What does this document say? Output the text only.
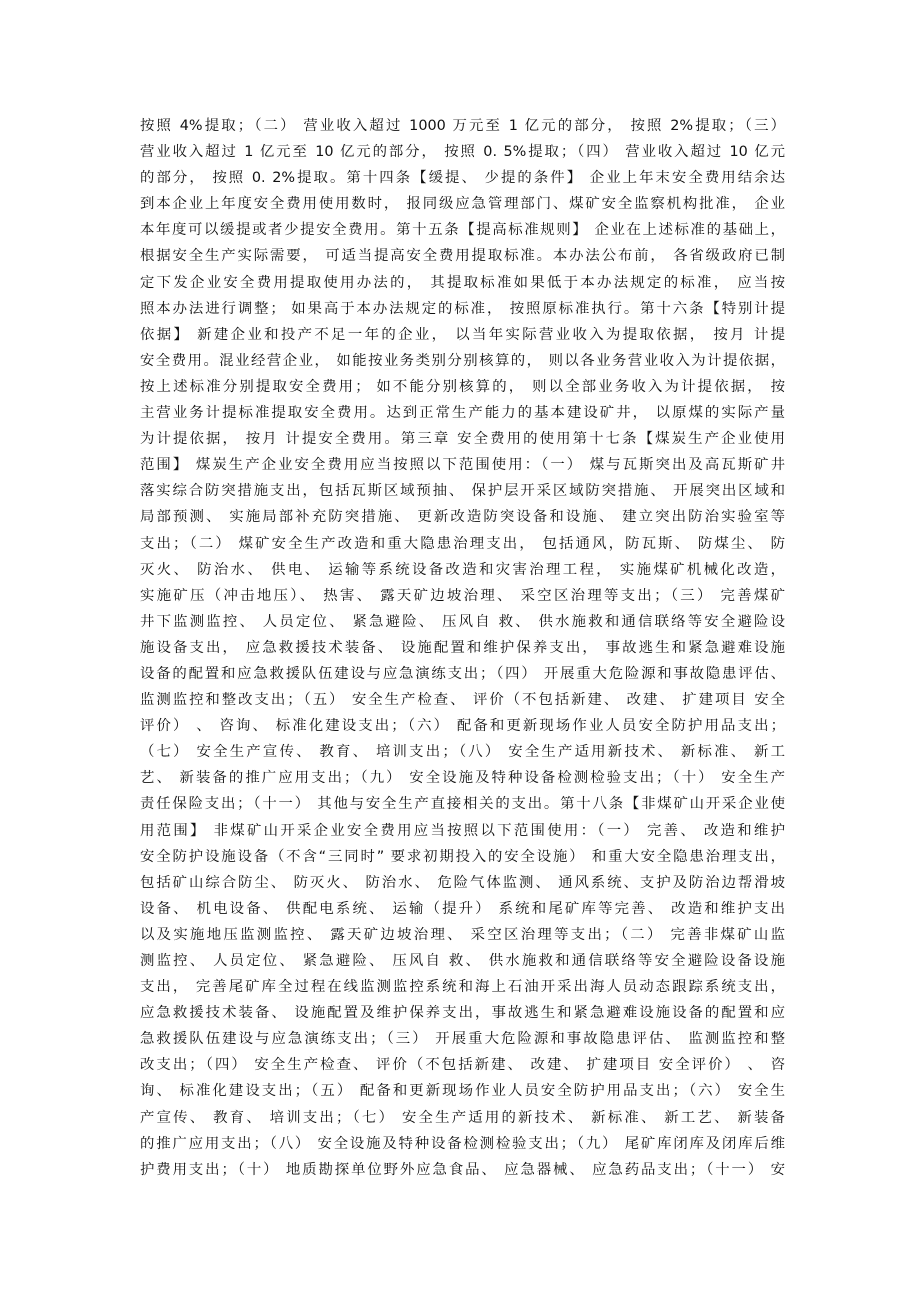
按照 4%提取；（二） 营业收入超过 1000 万元至 1 亿元的部分， 按照 2%提取；（三）
营业收入超过 1 亿元至 10 亿元的部分， 按照 0. 5%提取；（四） 营业收入超过 10 亿元
的部分， 按照 0. 2%提取。第十四条【缓提、 少提的条件】 企业上年末安全费用结余达
到本企业上年度安全费用使用数时， 报同级应急管理部门、煤矿安全监察机构批准， 企业
本年度可以缓提或者少提安全费用。第十五条【提高标准规则】 企业在上述标准的基础上，
根据安全生产实际需要， 可适当提高安全费用提取标准。本办法公布前， 各省级政府已制
定下发企业安全费用提取使用办法的， 其提取标准如果低于本办法规定的标准， 应当按
照本办法进行调整； 如果高于本办法规定的标准， 按照原标准执行。第十六条【特别计提
依据】 新建企业和投产不足一年的企业， 以当年实际营业收入为提取依据， 按月 计提
安全费用。混业经营企业， 如能按业务类别分别核算的， 则以各业务营业收入为计提依据，
按上述标准分别提取安全费用； 如不能分别核算的， 则以全部业务收入为计提依据， 按
主营业务计提标准提取安全费用。达到正常生产能力的基本建设矿井， 以原煤的实际产量
为计提依据， 按月 计提安全费用。第三章 安全费用的使用第十七条【煤炭生产企业使用
范围】 煤炭生产企业安全费用应当按照以下范围使用：（一） 煤与瓦斯突出及高瓦斯矿井
落实综合防突措施支出，包括瓦斯区域预抽、 保护层开采区域防突措施、 开展突出区域和
局部预测、 实施局部补充防突措施、 更新改造防突设备和设施、 建立突出防治实验室等
支出；（二） 煤矿安全生产改造和重大隐患治理支出， 包括通风，防瓦斯、 防煤尘、 防
灭火、 防治水、 供电、 运输等系统设备改造和灾害治理工程， 实施煤矿机械化改造，
实施矿压（冲击地压）、 热害、 露天矿边坡治理、 采空区治理等支出；（三） 完善煤矿
井下监测监控、 人员定位、 紧急避险、 压风自 救、 供水施救和通信联络等安全避险设
施设备支出， 应急救援技术装备、 设施配置和维护保养支出， 事故逃生和紧急避难设施
设备的配置和应急救援队伍建设与应急演练支出；（四） 开展重大危险源和事故隐患评估、
监测监控和整改支出；（五） 安全生产检查、 评价（不包括新建、 改建、 扩建项目 安全
评价） 、 咨询、 标准化建设支出；（六） 配备和更新现场作业人员安全防护用品支出；
（七） 安全生产宣传、 教育、 培训支出；（八） 安全生产适用新技术、 新标准、 新工
艺、 新装备的推广应用支出；（九） 安全设施及特种设备检测检验支出；（十） 安全生产
责任保险支出；（十一） 其他与安全生产直接相关的支出。第十八条【非煤矿山开采企业使
用范围】 非煤矿山开采企业安全费用应当按照以下范围使用：（一） 完善、 改造和维护
安全防护设施设备（不含“三同时” 要求初期投入的安全设施） 和重大安全隐患治理支出，
包括矿山综合防尘、 防灭火、 防治水、 危险气体监测、 通风系统、支护及防治边帮滑坡
设备、 机电设备、 供配电系统、 运输（提升） 系统和尾矿库等完善、 改造和维护支出
以及实施地压监测监控、 露天矿边坡治理、 采空区治理等支出；（二） 完善非煤矿山监
测监控、 人员定位、 紧急避险、 压风自 救、 供水施救和通信联络等安全避险设备设施
支出， 完善尾矿库全过程在线监测监控系统和海上石油开采出海人员动态跟踪系统支出，
应急救援技术装备、 设施配置及维护保养支出，事故逃生和紧急避难设施设备的配置和应
急救援队伍建设与应急演练支出；（三） 开展重大危险源和事故隐患评估、 监测监控和整
改支出；（四） 安全生产检查、 评价（不包括新建、 改建、 扩建项目 安全评价） 、 咨
询、 标准化建设支出；（五） 配备和更新现场作业人员安全防护用品支出；（六） 安全生
产宣传、 教育、 培训支出；（七） 安全生产适用的新技术、 新标准、 新工艺、 新装备
的推广应用支出；（八） 安全设施及特种设备检测检验支出；（九） 尾矿库闭库及闭库后维
护费用支出；（十） 地质勘探单位野外应急食品、 应急器械、 应急药品支出；（十一） 安
